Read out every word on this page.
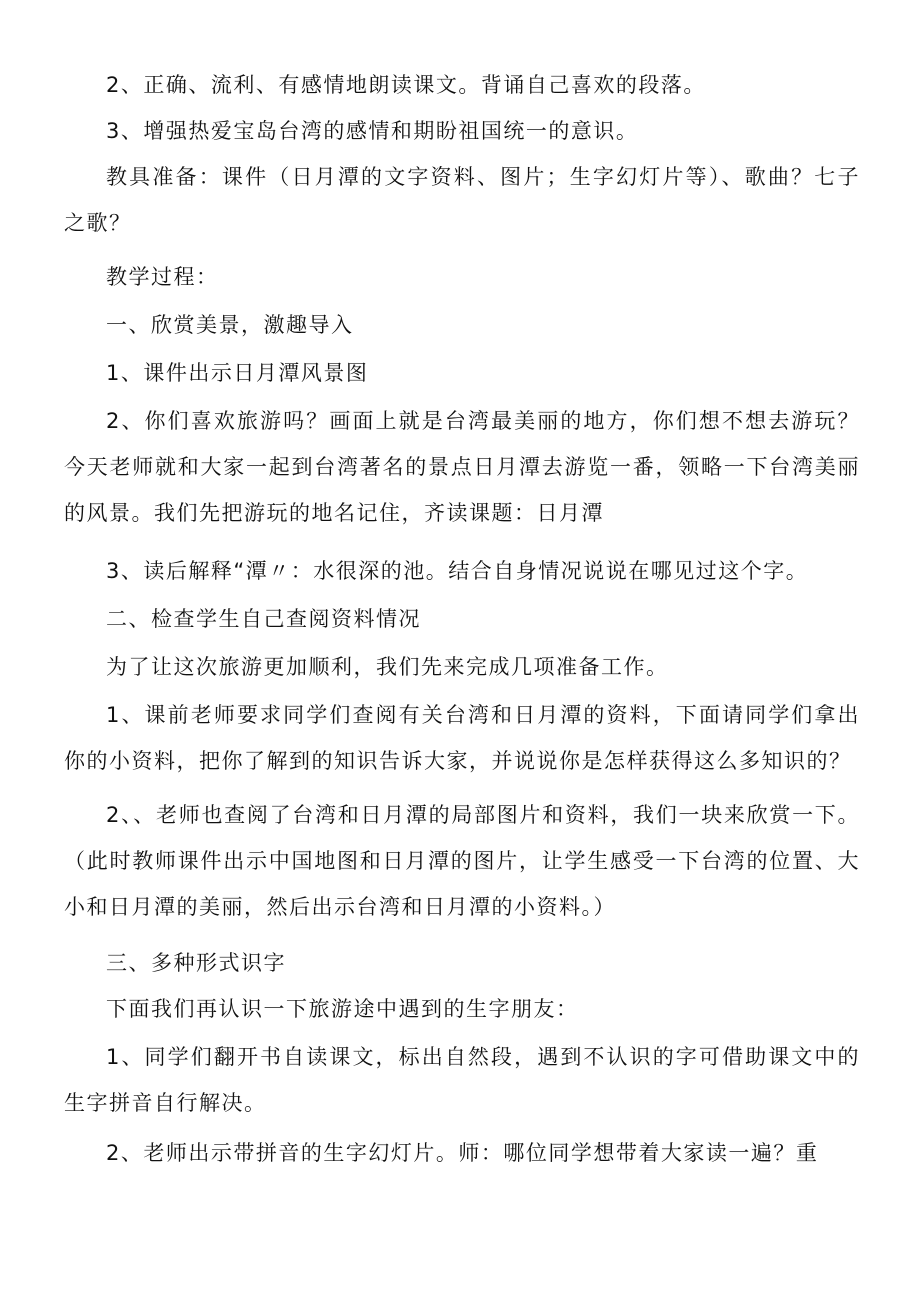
2、正确、流利、有感情地朗读课文。背诵自己喜欢的段落。

3、增强热爱宝岛台湾的感情和期盼祖国统一的意识。

教具准备：课件（日月潭的文字资料、图片；生字幻灯片等）、歌曲？七子之歌？

教学过程：

一、欣赏美景，激趣导入

1、课件出示日月潭风景图

2、你们喜欢旅游吗？画面上就是台湾最美丽的地方，你们想不想去游玩？今天老师就和大家一起到台湾著名的景点日月潭去游览一番，领略一下台湾美丽的风景。我们先把游玩的地名记住，齐读课题：日月潭

3、读后解释“潭〃：水很深的池。结合自身情况说说在哪见过这个字。

二、检查学生自己查阅资料情况

为了让这次旅游更加顺利，我们先来完成几项准备工作。

1、课前老师要求同学们查阅有关台湾和日月潭的资料，下面请同学们拿出你的小资料，把你了解到的知识告诉大家，并说说你是怎样获得这么多知识的？

2、、老师也查阅了台湾和日月潭的局部图片和资料，我们一块来欣赏一下。（此时教师课件出示中国地图和日月潭的图片，让学生感受一下台湾的位置、大小和日月潭的美丽，然后出示台湾和日月潭的小资料。）

三、多种形式识字

下面我们再认识一下旅游途中遇到的生字朋友：

1、同学们翻开书自读课文，标出自然段，遇到不认识的字可借助课文中的生字拼音自行解决。

2、老师出示带拼音的生字幻灯片。师：哪位同学想带着大家读一遍？重
